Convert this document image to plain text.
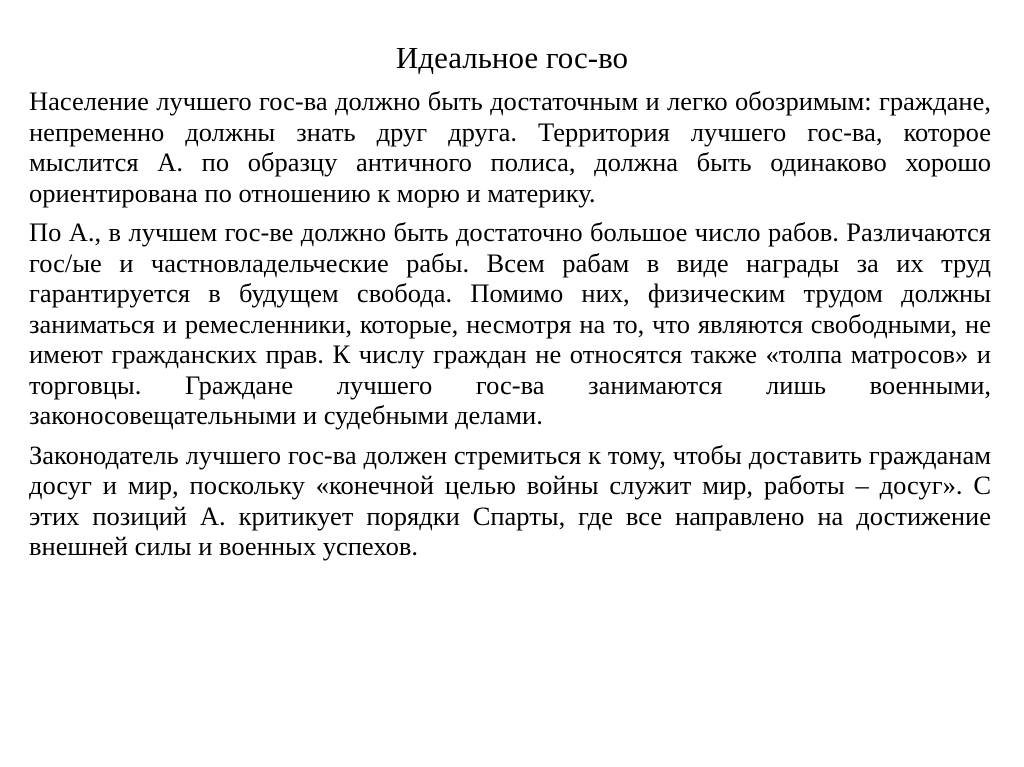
Идеальное гос-во

Население лучшего гос-ва должно быть достаточным и легко обозримым: граждане, непременно должны знать друг друга. Территория лучшего гос-ва, которое мыслится А. по образцу античного полиса, должна быть одинаково хорошо ориентирована по отношению к морю и материку.

По А., в лучшем гос-ве должно быть достаточно большое число рабов. Различаются гос/ые и частновладельческие рабы. Всем рабам в виде награды за их труд гарантируется в будущем свобода. Помимо них, физическим трудом должны заниматься и ремесленники, которые, несмотря на то, что являются свободными, не имеют гражданских прав. К числу граждан не относятся также «толпа матросов» и торговцы. Граждане лучшего гос-ва занимаются лишь военными, законосовещательными и судебными делами.

Законодатель лучшего гос-ва должен стремиться к тому, чтобы доставить гражданам досуг и мир, поскольку «конечной целью войны служит мир, работы – досуг». С этих позиций А. критикует порядки Спарты, где все направлено на достижение внешней силы и военных успехов.
